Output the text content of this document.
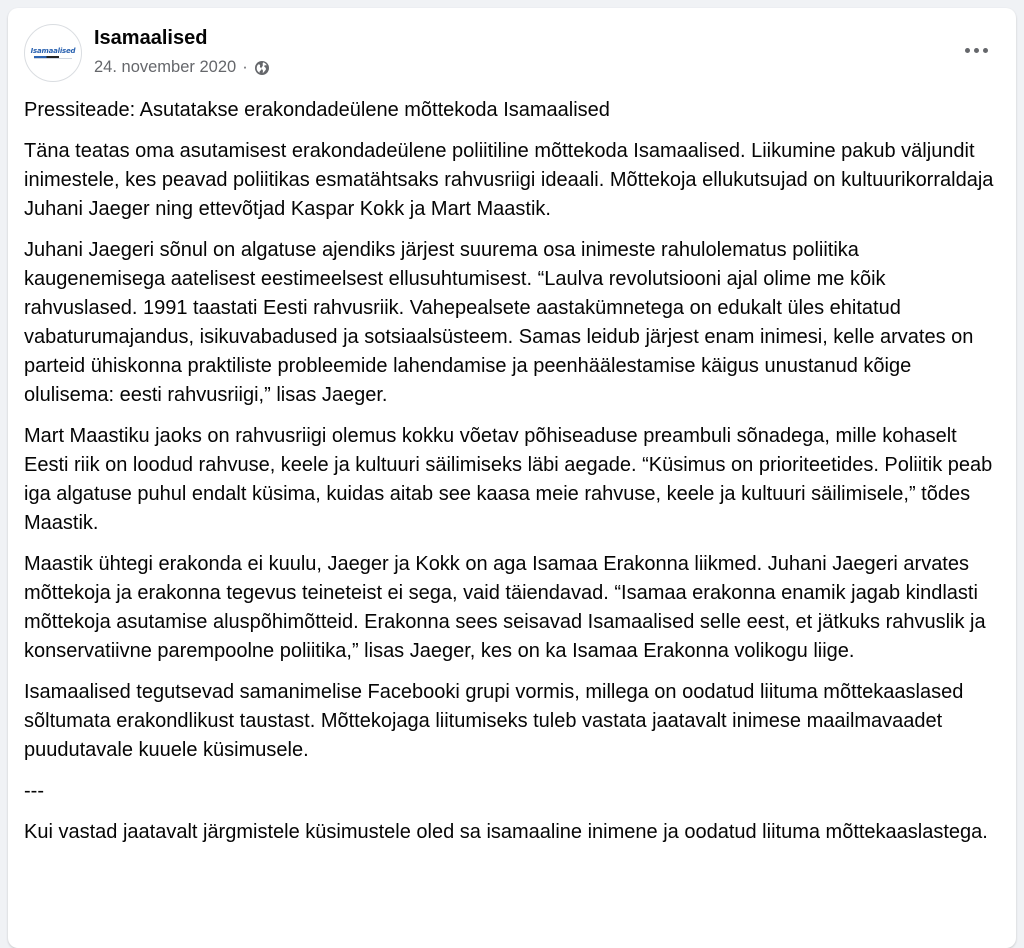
Isamaalised
Isamaalised
24. november 2020 ·

Pressiteade: Asutatakse erakondadeülene mõttekoda Isamaalised

Täna teatas oma asutamisest erakondadeülene poliitiline mõttekoda Isamaalised. Liikumine pakub väljundit inimestele, kes peavad poliitikas esmatähtsaks rahvusriigi ideaali. Mõttekoja ellukutsujad on kultuurikorraldaja Juhani Jaeger ning ettevõtjad Kaspar Kokk ja Mart Maastik.

Juhani Jaegeri sõnul on algatuse ajendiks järjest suurema osa inimeste rahulolematus poliitika kaugenemisega aatelisest eestimeelsest ellusuhtumisest. “Laulva revolutsiooni ajal olime me kõik rahvuslased. 1991 taastati Eesti rahvusriik. Vahepealsete aastakümnetega on edukalt üles ehitatud vabaturumajandus, isikuvabadused ja sotsiaalsüsteem. Samas leidub järjest enam inimesi, kelle arvates on parteid ühiskonna praktiliste probleemide lahendamise ja peenhäälestamise käigus unustanud kõige olulisema: eesti rahvusriigi,” lisas Jaeger.

Mart Maastiku jaoks on rahvusriigi olemus kokku võetav põhiseaduse preambuli sõnadega, mille kohaselt Eesti riik on loodud rahvuse, keele ja kultuuri säilimiseks läbi aegade. “Küsimus on prioriteetides. Poliitik peab iga algatuse puhul endalt küsima, kuidas aitab see kaasa meie rahvuse, keele ja kultuuri säilimisele,” tõdes Maastik.

Maastik ühtegi erakonda ei kuulu, Jaeger ja Kokk on aga Isamaa Erakonna liikmed. Juhani Jaegeri arvates mõttekoja ja erakonna tegevus teineteist ei sega, vaid täiendavad. “Isamaa erakonna enamik jagab kindlasti mõttekoja asutamise aluspõhimõtteid. Erakonna sees seisavad Isamaalised selle eest, et jätkuks rahvuslik ja konservatiivne parempoolne poliitika,” lisas Jaeger, kes on ka Isamaa Erakonna volikogu liige.

Isamaalised tegutsevad samanimelise Facebooki grupi vormis, millega on oodatud liituma mõttekaaslased sõltumata erakondlikust taustast. Mõttekojaga liitumiseks tuleb vastata jaatavalt inimese maailmavaadet puudutavale kuuele küsimusele.

---

Kui vastad jaatavalt järgmistele küsimustele oled sa isamaaline inimene ja oodatud liituma mõttekaaslastega.
